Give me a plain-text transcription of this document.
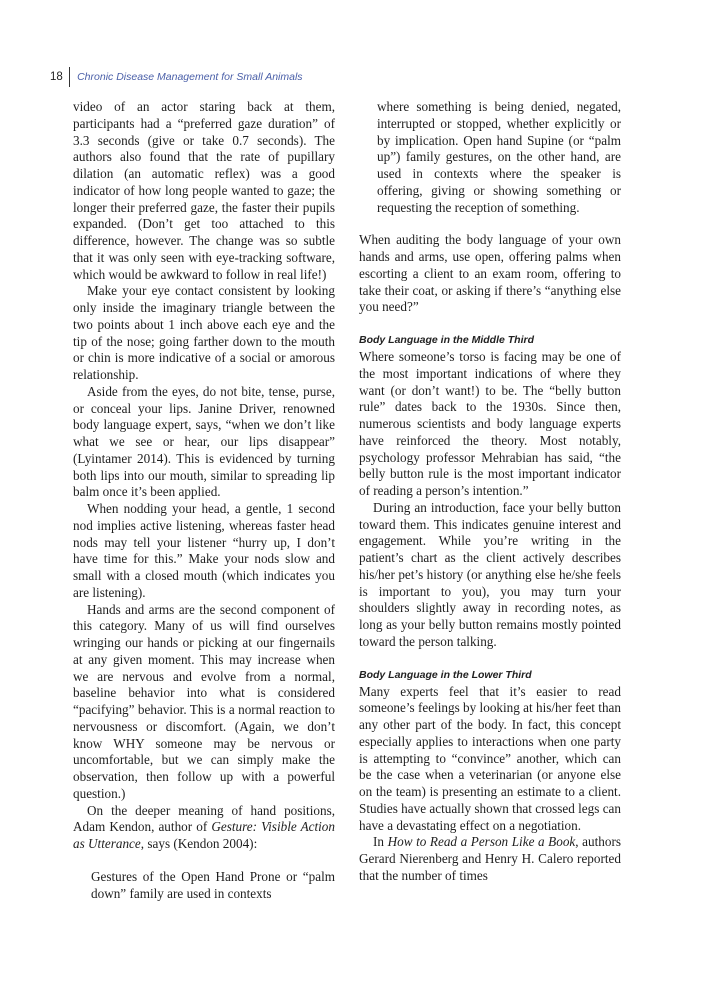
18	Chronic Disease Management for Small Animals

video of an actor staring back at them, participants had a “preferred gaze duration” of 3.3 seconds (give or take 0.7 seconds). The authors also found that the rate of pupillary dilation (an automatic reflex) was a good indicator of how long people wanted to gaze; the longer their preferred gaze, the faster their pupils expanded. (Don’t get too attached to this difference, however. The change was so subtle that it was only seen with eye-tracking software, which would be awkward to follow in real life!)

Make your eye contact consistent by looking only inside the imaginary triangle between the two points about 1 inch above each eye and the tip of the nose; going farther down to the mouth or chin is more indicative of a social or amorous relationship.

Aside from the eyes, do not bite, tense, purse, or conceal your lips. Janine Driver, renowned body language expert, says, “when we don’t like what we see or hear, our lips disappear” (Lyintamer 2014). This is evidenced by turning both lips into our mouth, similar to spreading lip balm once it’s been applied.

When nodding your head, a gentle, 1 second nod implies active listening, whereas faster head nods may tell your listener “hurry up, I don’t have time for this.” Make your nods slow and small with a closed mouth (which indicates you are listening).

Hands and arms are the second component of this category. Many of us will find ourselves wringing our hands or picking at our fingernails at any given moment. This may increase when we are nervous and evolve from a normal, baseline behavior into what is considered “pacifying” behavior. This is a normal reaction to nervousness or discomfort. (Again, we don’t know WHY someone may be nervous or uncomfortable, but we can simply make the observation, then follow up with a powerful question.)

On the deeper meaning of hand positions, Adam Kendon, author of Gesture: Visible Action as Utterance, says (Kendon 2004):

Gestures of the Open Hand Prone or “palm down” family are used in contexts

where something is being denied, negated, interrupted or stopped, whether explicitly or by implication. Open hand Supine (or “palm up”) family gestures, on the other hand, are used in contexts where the speaker is offering, giving or showing something or requesting the reception of something.

When auditing the body language of your own hands and arms, use open, offering palms when escorting a client to an exam room, offering to take their coat, or asking if there’s “anything else you need?”

Body Language in the Middle Third

Where someone’s torso is facing may be one of the most important indications of where they want (or don’t want!) to be. The “belly button rule” dates back to the 1930s. Since then, numerous scientists and body language experts have reinforced the theory. Most notably, psychology professor Mehrabian has said, “the belly button rule is the most important indicator of reading a person’s intention.”

During an introduction, face your belly button toward them. This indicates genuine interest and engagement. While you’re writing in the patient’s chart as the client actively describes his/her pet’s history (or anything else he/she feels is important to you), you may turn your shoulders slightly away in recording notes, as long as your belly button remains mostly pointed toward the person talking.

Body Language in the Lower Third

Many experts feel that it’s easier to read someone’s feelings by looking at his/her feet than any other part of the body. In fact, this concept especially applies to interactions when one party is attempting to “convince” another, which can be the case when a veterinarian (or anyone else on the team) is presenting an estimate to a client. Studies have actually shown that crossed legs can have a devastating effect on a negotiation.

In How to Read a Person Like a Book, authors Gerard Nierenberg and Henry H. Calero reported that the number of times
